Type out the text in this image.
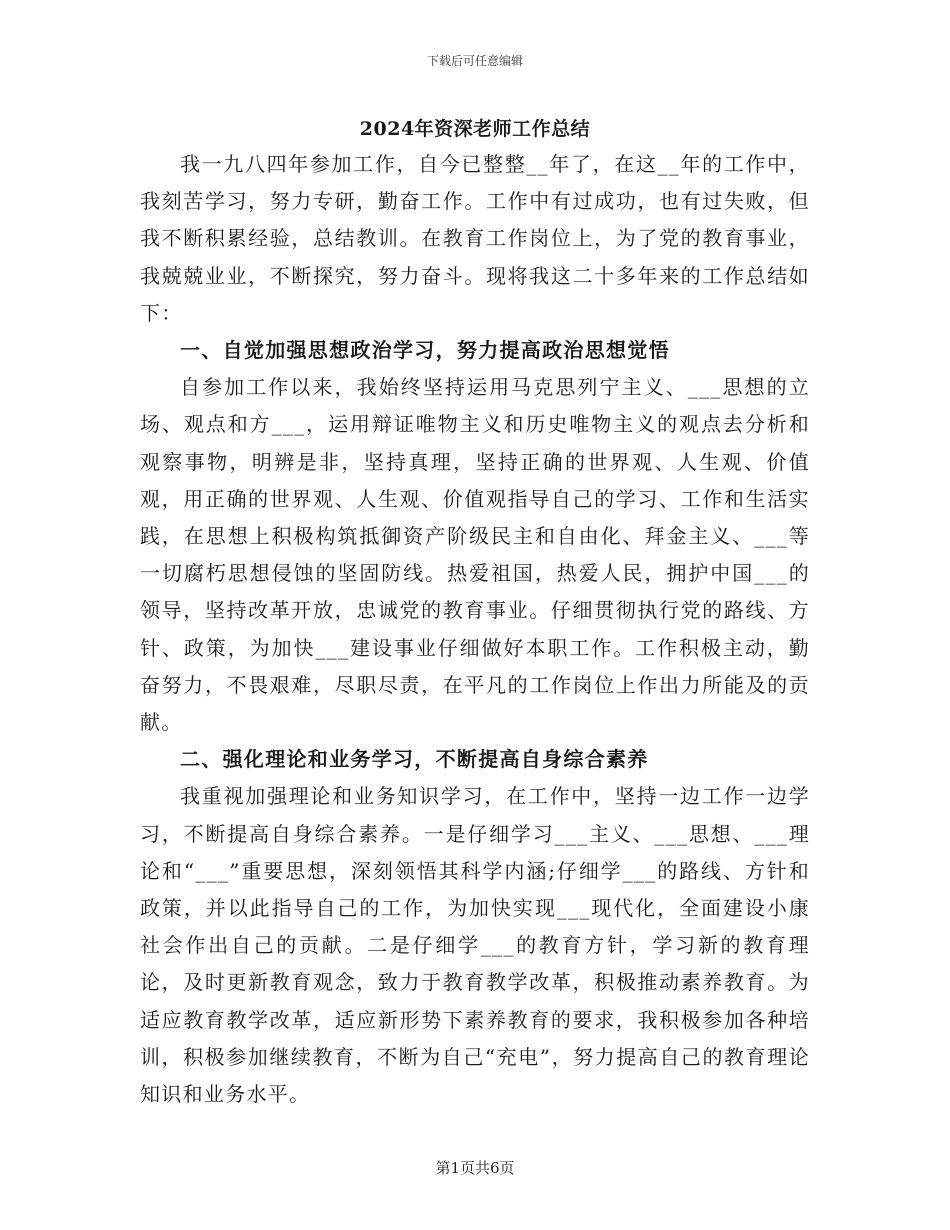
下载后可任意编辑
2024年资深老师工作总结

我一九八四年参加工作，自今已整整__年了，在这__年的工作中，我刻苦学习，努力专研，勤奋工作。工作中有过成功，也有过失败，但我不断积累经验，总结教训。在教育工作岗位上，为了党的教育事业，我兢兢业业，不断探究，努力奋斗。现将我这二十多年来的工作总结如下：

一、自觉加强思想政治学习，努力提高政治思想觉悟

自参加工作以来，我始终坚持运用马克思列宁主义、___思想的立场、观点和方___，运用辩证唯物主义和历史唯物主义的观点去分析和观察事物，明辨是非，坚持真理，坚持正确的世界观、人生观、价值观，用正确的世界观、人生观、价值观指导自己的学习、工作和生活实践，在思想上积极构筑抵御资产阶级民主和自由化、拜金主义、___等一切腐朽思想侵蚀的坚固防线。热爱祖国，热爱人民，拥护中国___的领导，坚持改革开放，忠诚党的教育事业。仔细贯彻执行党的路线、方针、政策，为加快___建设事业仔细做好本职工作。工作积极主动，勤奋努力，不畏艰难，尽职尽责，在平凡的工作岗位上作出力所能及的贡献。

二、强化理论和业务学习，不断提高自身综合素养

我重视加强理论和业务知识学习，在工作中，坚持一边工作一边学习，不断提高自身综合素养。一是仔细学习___主义、___思想、___理论和“___”重要思想，深刻领悟其科学内涵;仔细学___的路线、方针和政策，并以此指导自己的工作，为加快实现___现代化，全面建设小康社会作出自己的贡献。二是仔细学___的教育方针，学习新的教育理论，及时更新教育观念，致力于教育教学改革，积极推动素养教育。为适应教育教学改革，适应新形势下素养教育的要求，我积极参加各种培训，积极参加继续教育，不断为自己“充电”，努力提高自己的教育理论知识和业务水平。

第1页共6页
